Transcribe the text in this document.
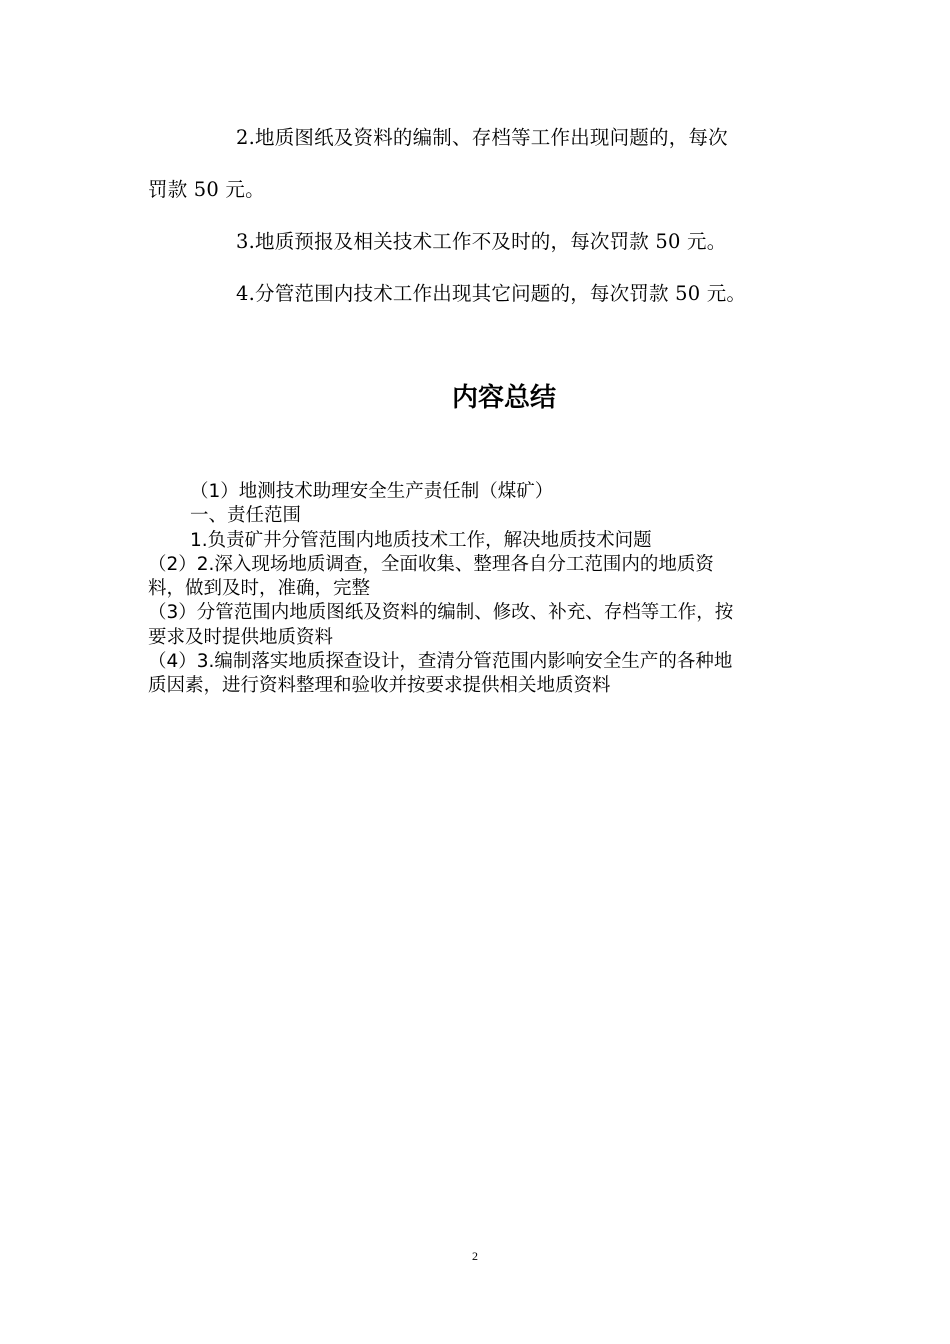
2.地质图纸及资料的编制、存档等工作出现问题的，每次

罚款 50 元。

3.地质预报及相关技术工作不及时的，每次罚款 50 元。

4.分管范围内技术工作出现其它问题的，每次罚款 50 元。

内容总结
（1）地测技术助理安全生产责任制（煤矿）
一、责任范围
1.负责矿井分管范围内地质技术工作，解决地质技术问题
（2）2.深入现场地质调查，全面收集、整理各自分工范围内的地质资
料，做到及时，准确，完整
（3）分管范围内地质图纸及资料的编制、修改、补充、存档等工作，按
要求及时提供地质资料
（4）3.编制落实地质探查设计，查清分管范围内影响安全生产的各种地
质因素，进行资料整理和验收并按要求提供相关地质资料
2
